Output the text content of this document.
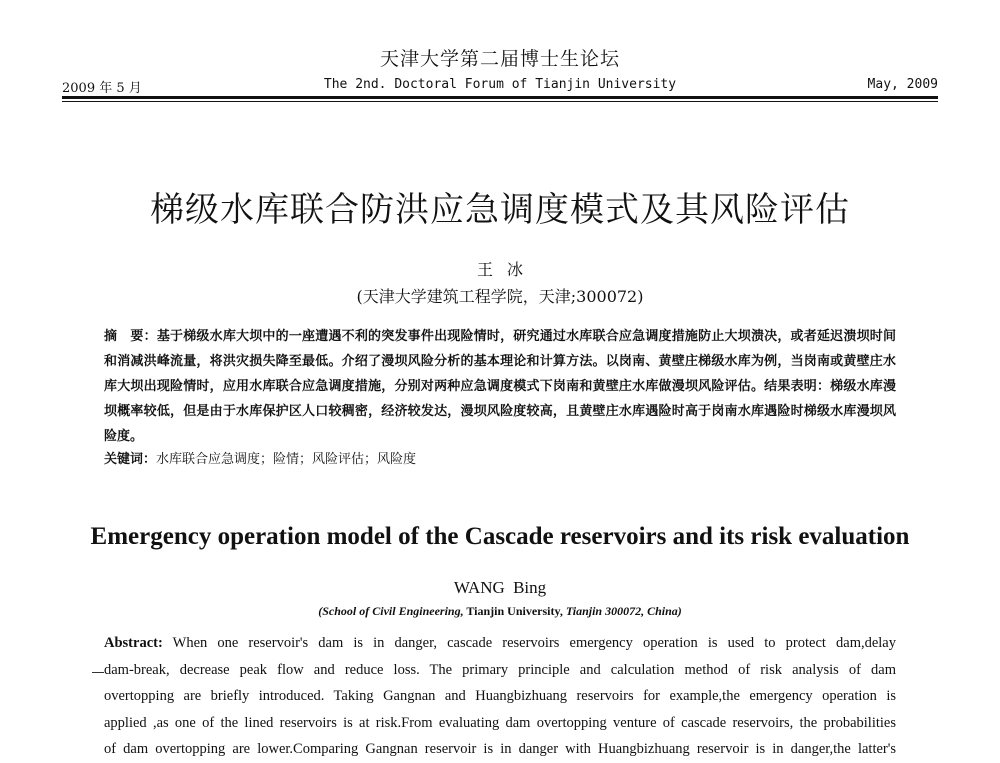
天津大学第二届博士生论坛
2009 年 5 月	The 2nd. Doctoral Forum of Tianjin University	May, 2009
梯级水库联合防洪应急调度模式及其风险评估
王冰
(天津大学建筑工程学院，天津;300072)
摘　要：基于梯级水库大坝中的一座遭遇不利的突发事件出现险情时，研究通过水库联合应急调度措施防止大坝溃决，或者延迟溃坝时间和消减洪峰流量，将洪灾损失降至最低。介绍了漫坝风险分析的基本理论和计算方法。以岗南、黄壁庄梯级水库为例，当岗南或黄壁庄水库大坝出现险情时，应用水库联合应急调度措施，分别对两种应急调度模式下岗南和黄壁庄水库做漫坝风险评估。结果表明：梯级水库漫坝概率较低，但是由于水库保护区人口较稠密，经济较发达，漫坝风险度较高，且黄壁庄水库遇险时高于岗南水库遇险时梯级水库漫坝风险度。
关键词：水库联合应急调度；险情；风险评估；风险度
Emergency operation model of the Cascade reservoirs and its risk evaluation
WANG Bing
(School of Civil Engineering, Tianjin University, Tianjin 300072, China)
Abstract: When one reservoir's dam is in danger, cascade reservoirs emergency operation is used to protect dam,delay
dam-break, decrease peak flow and reduce loss. The primary principle and calculation method of risk analysis of dam
overtopping are briefly introduced. Taking Gangnan and Huangbizhuang reservoirs for example,the emergency operation is
applied ,as one of the lined reservoirs is at risk.From evaluating dam overtopping venture of cascade reservoirs, the probabilities
of dam overtopping are lower.Comparing Gangnan reservoir is in danger with Huangbizhuang reservoir is in danger,the latter's
